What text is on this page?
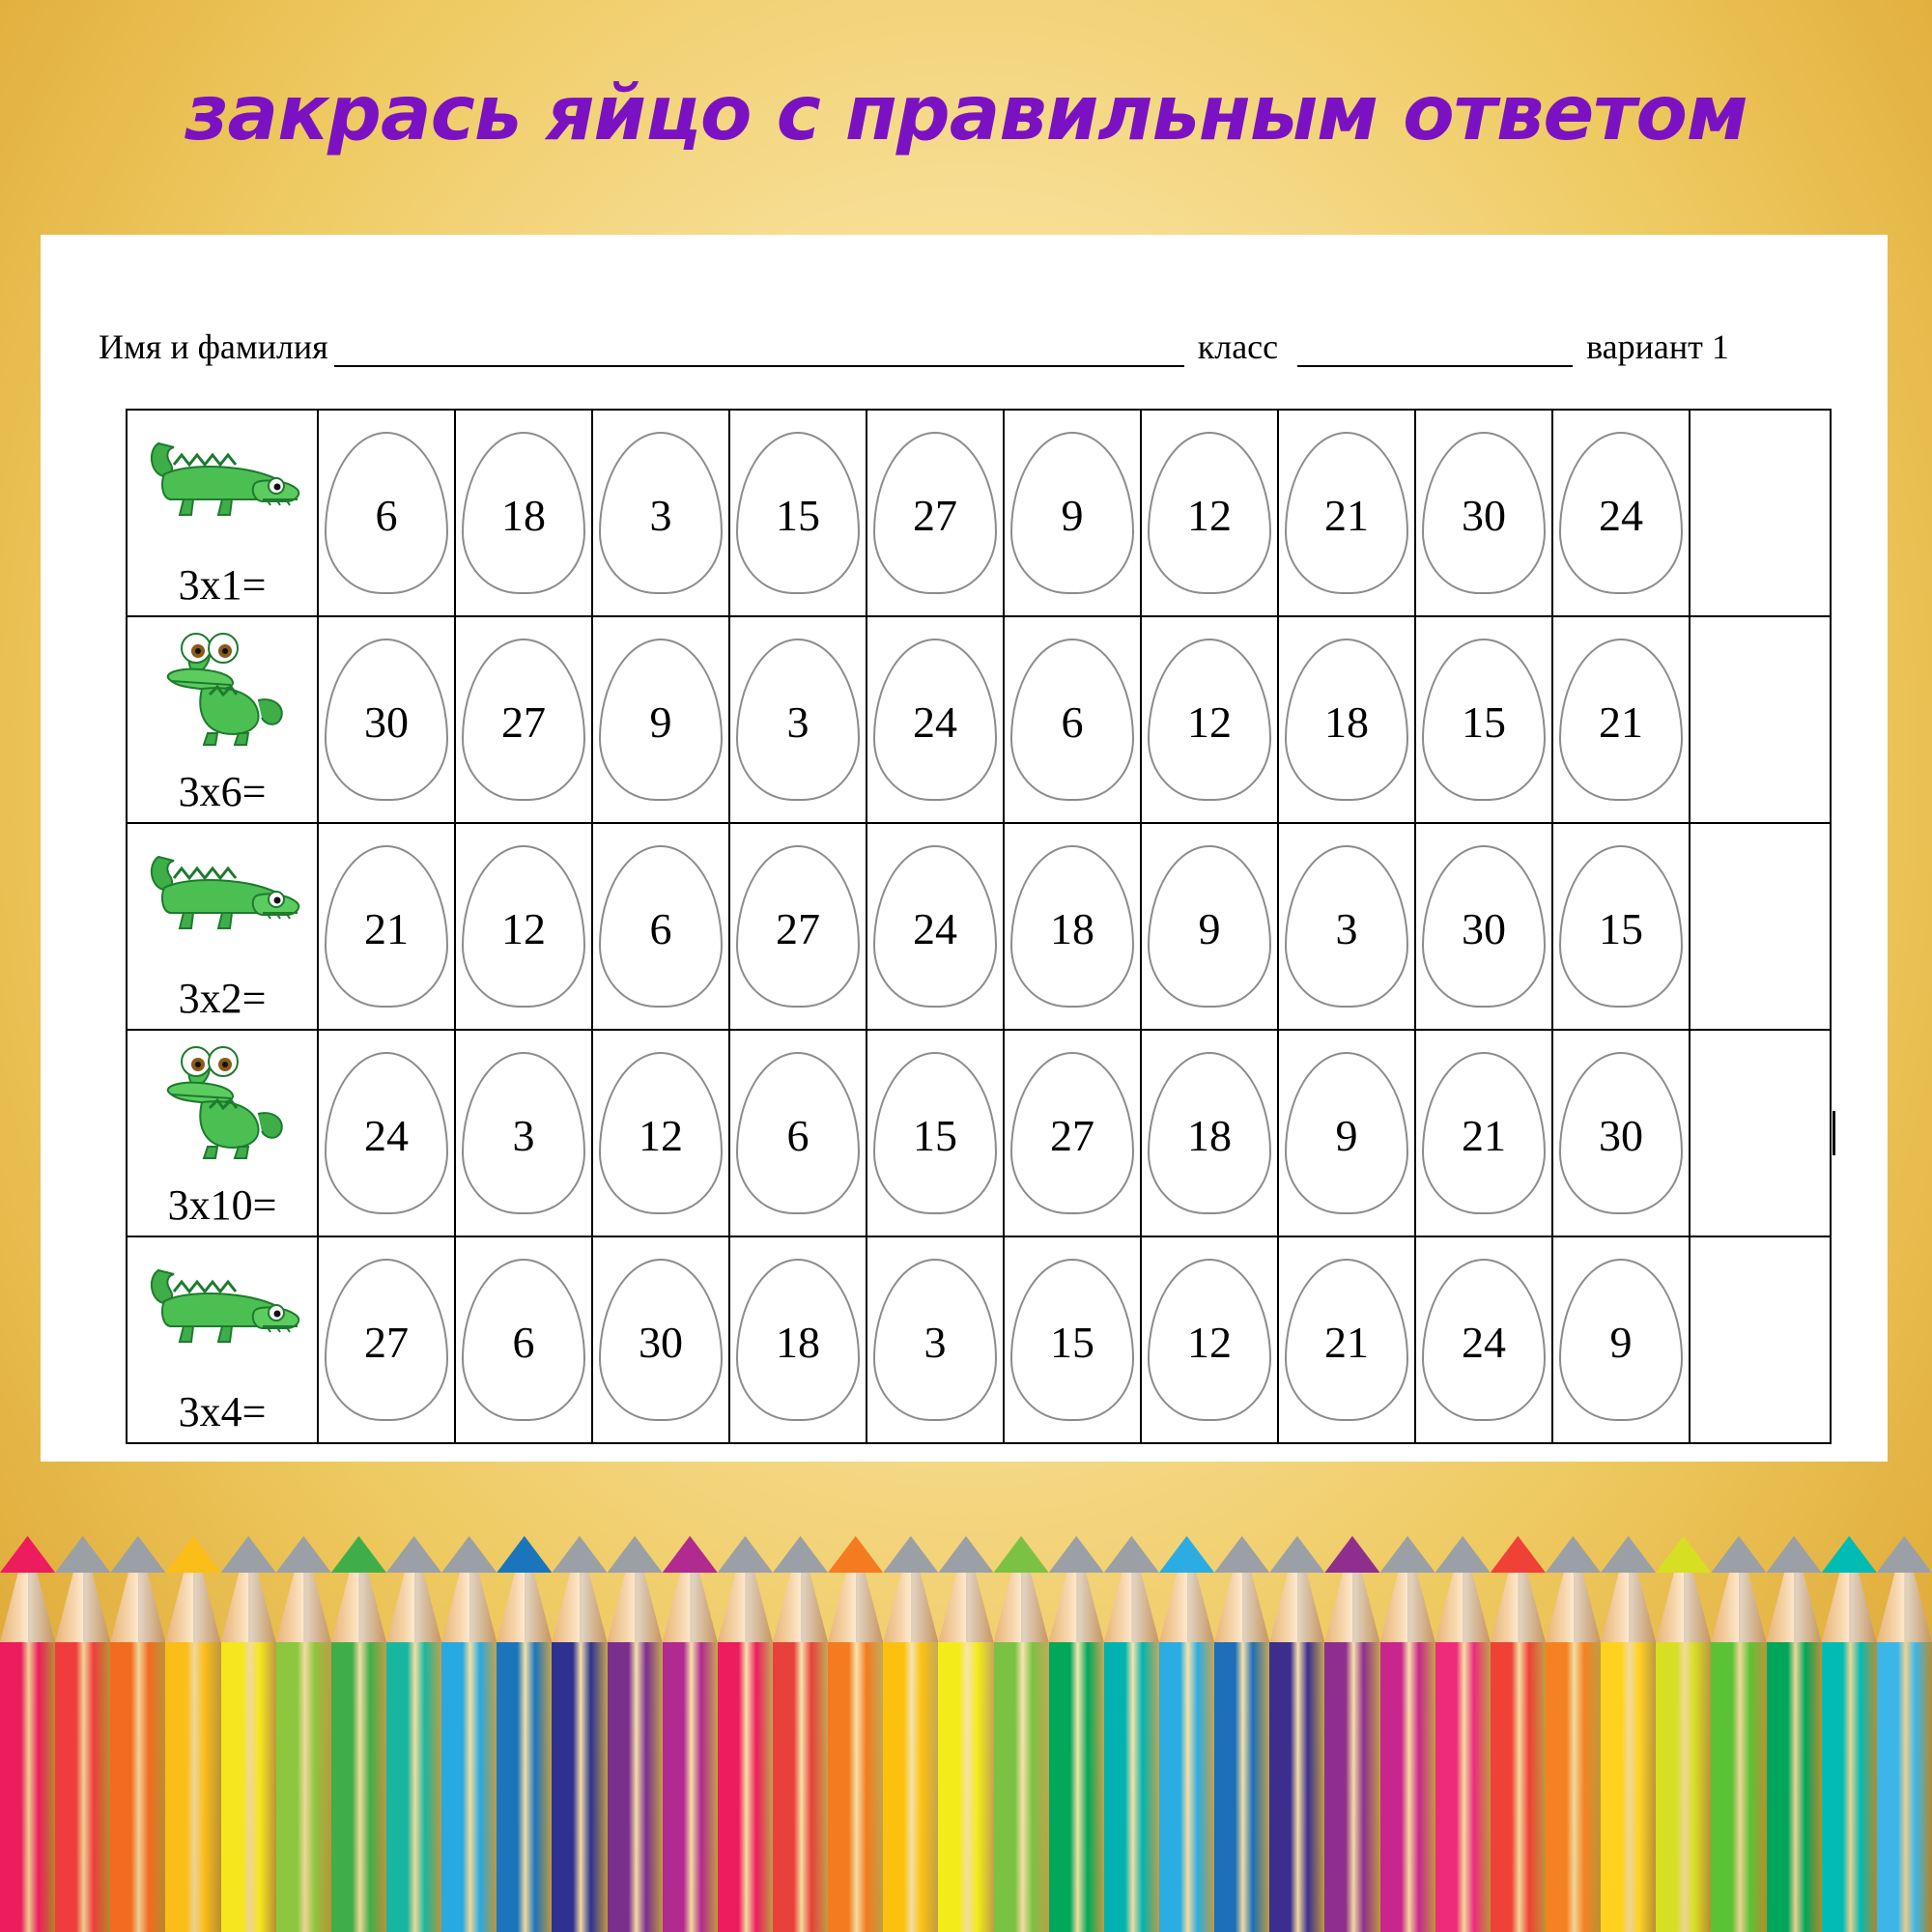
закрась яйцо с правильным ответом
Имя и фамилия	класс	вариант 1
3x1=	6	18	3	15	27	9	12	21	30	24	

3x6=	30	27	9	3	24	6	12	18	15	21	

3x2=	21	12	6	27	24	18	9	3	30	15	

3x10=	24	3	12	6	15	27	18	9	21	30	

3x4=	27	6	30	18	3	15	12	21	24	9	
